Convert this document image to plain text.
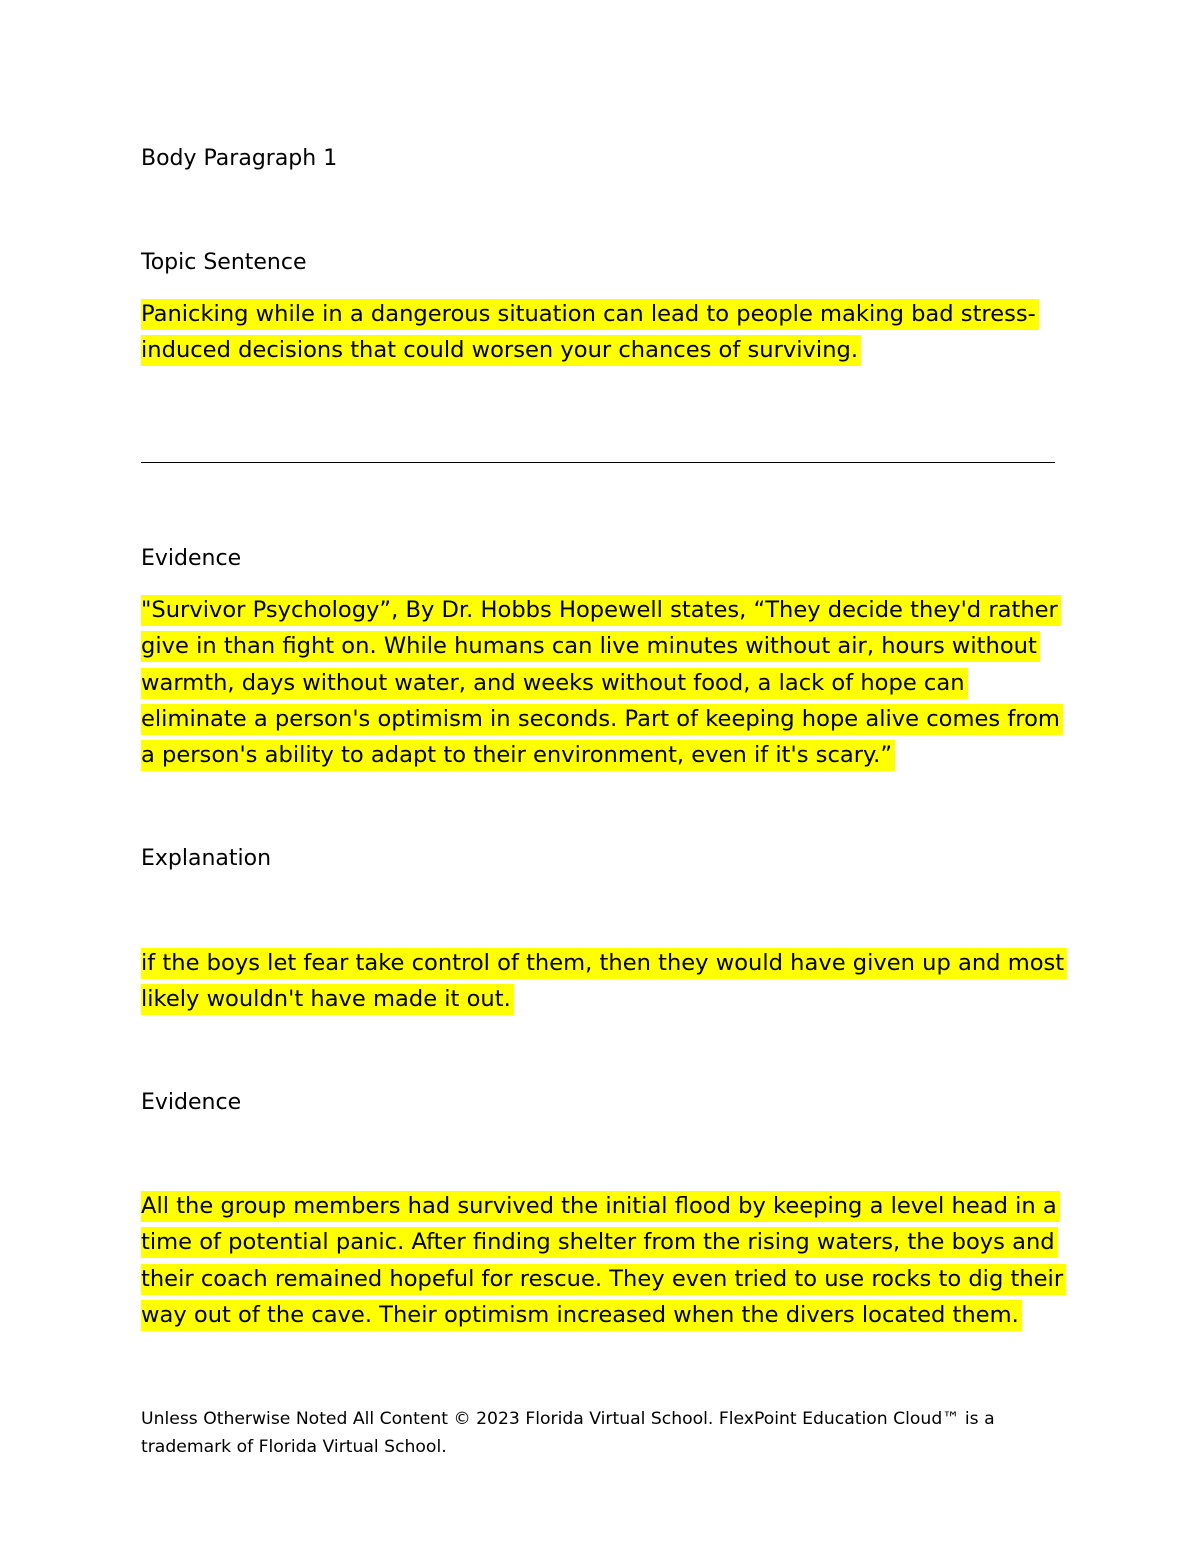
Body Paragraph 1
Topic Sentence
Panicking while in a dangerous situation can lead to people making bad stress-
induced decisions that could worsen your chances of surviving.
Evidence
"Survivor Psychology”, By Dr. Hobbs Hopewell states, “They decide they'd rather
give in than fight on. While humans can live minutes without air, hours without
warmth, days without water, and weeks without food, a lack of hope can
eliminate a person's optimism in seconds. Part of keeping hope alive comes from
a person's ability to adapt to their environment, even if it's scary.”
Explanation
if the boys let fear take control of them, then they would have given up and most
likely wouldn't have made it out.
Evidence
All the group members had survived the initial flood by keeping a level head in a
time of potential panic. After finding shelter from the rising waters, the boys and
their coach remained hopeful for rescue. They even tried to use rocks to dig their
way out of the cave. Their optimism increased when the divers located them.
Unless Otherwise Noted All Content © 2023 Florida Virtual School. FlexPoint Education Cloud™ is a
trademark of Florida Virtual School.
